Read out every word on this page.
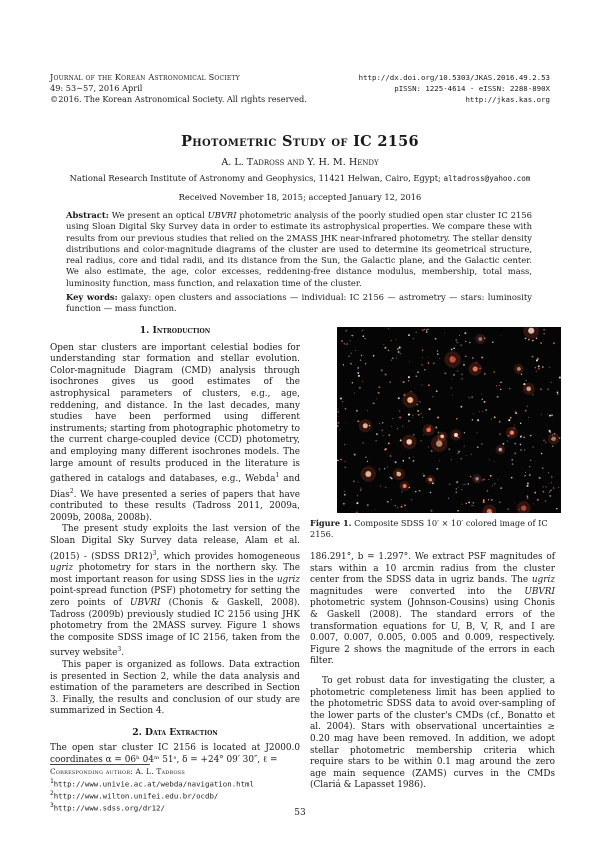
Journal of the Korean Astronomical Society
49: 53∼57, 2016 April
©2016. The Korean Astronomical Society. All rights reserved.
http://dx.doi.org/10.5303/JKAS.2016.49.2.53
pISSN: 1225-4614 · eISSN: 2288-890X
http://jkas.kas.org
Photometric Study of IC 2156
A. L. Tadross and Y. H. M. Hendy
National Research Institute of Astronomy and Geophysics, 11421 Helwan, Cairo, Egypt; altadross@yahoo.com
Received November 18, 2015; accepted January 12, 2016
Abstract: We present an optical UBVRI photometric analysis of the poorly studied open star cluster IC 2156 using Sloan Digital Sky Survey data in order to estimate its astrophysical properties. We compare these with results from our previous studies that relied on the 2MASS JHK near-infrared photometry. The stellar density distributions and color-magnitude diagrams of the cluster are used to determine its geometrical structure, real radius, core and tidal radii, and its distance from the Sun, the Galactic plane, and the Galactic center. We also estimate, the age, color excesses, reddening-free distance modulus, membership, total mass, luminosity function, mass function, and relaxation time of the cluster.
Key words: galaxy: open clusters and associations — individual: IC 2156 — astrometry — stars: luminosity function — mass function.
1. Introduction

Open star clusters are important celestial bodies for understanding star formation and stellar evolution. Color-magnitude Diagram (CMD) analysis through isochrones gives us good estimates of the astrophysical parameters of clusters, e.g., age, reddening, and distance. In the last decades, many studies have been performed using different instruments; starting from photographic photometry to the current charge-coupled device (CCD) photometry, and employing many different isochrones models. The large amount of results produced in the literature is gathered in catalogs and databases, e.g., Webda$^1$ and Dias$^2$. We have presented a series of papers that have contributed to these results (Tadross 2011, 2009a, 2009b, 2008a, 2008b).

The present study exploits the last version of the Sloan Digital Sky Survey data release, Alam et al. (2015) - (SDSS DR12)$^3$, which provides homogeneous ugriz photometry for stars in the northern sky. The most important reason for using SDSS lies in the ugriz point-spread function (PSF) photometry for setting the zero points of UBVRI (Chonis & Gaskell, 2008). Tadross (2009b) previously studied IC 2156 using JHK photometry from the 2MASS survey. Figure 1 shows the composite SDSS image of IC 2156, taken from the survey website$^3$.

This paper is organized as follows. Data extraction is presented in Section 2, while the data analysis and estimation of the parameters are described in Section 3. Finally, the results and conclusion of our study are summarized in Section 4.

2. Data Extraction

The open star cluster IC 2156 is located at J2000.0 coordinates α = 06ʰ 04ᵐ 51ˢ, δ = +24° 09′ 30″, ℓ =

Corresponding author: A. L. Tadross
$^1$http://www.univie.ac.at/webda/navigation.html
$^2$http://www.wilton.unifei.edu.br/ocdb/
$^3$http://www.sdss.org/dr12/
Figure 1. Composite SDSS 10′ × 10′ colored image of IC 2156.

186.291°, b = 1.297°. We extract PSF magnitudes of stars within a 10 arcmin radius from the cluster center from the SDSS data in ugriz bands. The ugriz magnitudes were converted into the UBVRI photometric system (Johnson-Cousins) using Chonis & Gaskell (2008). The standard errors of the transformation equations for U, B, V, R, and I are 0.007, 0.007, 0.005, 0.005 and 0.009, respectively. Figure 2 shows the magnitude of the errors in each filter.

To get robust data for investigating the cluster, a photometric completeness limit has been applied to the photometric SDSS data to avoid over-sampling of the lower parts of the cluster's CMDs (cf., Bonatto et al. 2004). Stars with observational uncertainties ≥ 0.20 mag have been removed. In addition, we adopt stellar photometric membership criteria which require stars to be within 0.1 mag around the zero age main sequence (ZAMS) curves in the CMDs (Clariá & Lapasset 1986).

53
